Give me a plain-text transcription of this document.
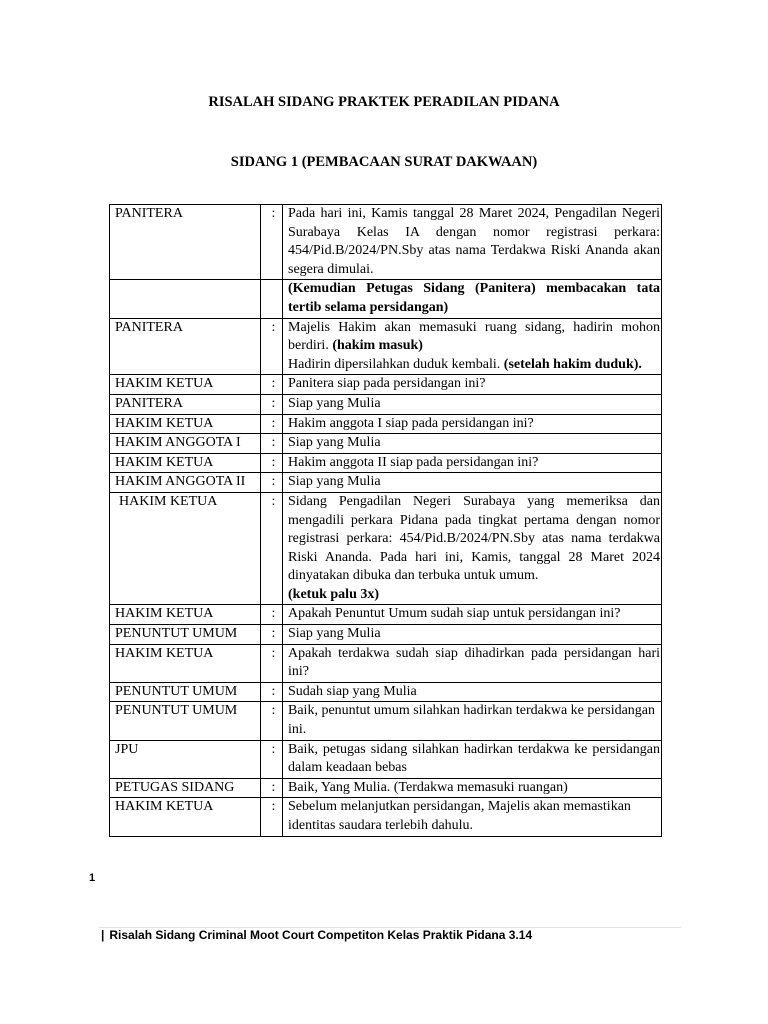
RISALAH SIDANG PRAKTEK PERADILAN PIDANA
SIDANG 1 (PEMBACAAN SURAT DAKWAAN)
PANITERA	:	Pada hari ini, Kamis tanggal 28 Maret 2024, Pengadilan Negeri Surabaya Kelas IA dengan nomor registrasi perkara: 454/Pid.B/2024/PN.Sby atas nama Terdakwa Riski Ananda akan segera dimulai.
		(Kemudian Petugas Sidang (Panitera) membacakan tata tertib selama persidangan)
PANITERA	:	Majelis Hakim akan memasuki ruang sidang, hadirin mohon berdiri. (hakim masuk)
Hadirin dipersilahkan duduk kembali. (setelah hakim duduk).
HAKIM KETUA	:	Panitera siap pada persidangan ini?
PANITERA	:	Siap yang Mulia
HAKIM KETUA	:	Hakim anggota I siap pada persidangan ini?
HAKIM ANGGOTA I	:	Siap yang Mulia
HAKIM KETUA	:	Hakim anggota II siap pada persidangan ini?
HAKIM ANGGOTA II	:	Siap yang Mulia
HAKIM KETUA	:	Sidang Pengadilan Negeri Surabaya yang memeriksa dan mengadili perkara Pidana pada tingkat pertama dengan nomor registrasi perkara: 454/Pid.B/2024/PN.Sby atas nama terdakwa Riski Ananda. Pada hari ini, Kamis, tanggal 28 Maret 2024 dinyatakan dibuka dan terbuka untuk umum.
(ketuk palu 3x)
HAKIM KETUA	:	Apakah Penuntut Umum sudah siap untuk persidangan ini?
PENUNTUT UMUM	:	Siap yang Mulia
HAKIM KETUA	:	Apakah terdakwa sudah siap dihadirkan pada persidangan hari ini?
PENUNTUT UMUM	:	Sudah siap yang Mulia
PENUNTUT UMUM	:	Baik, penuntut umum silahkan hadirkan terdakwa ke persidangan ini.
JPU	:	Baik, petugas sidang silahkan hadirkan terdakwa ke persidangan dalam keadaan bebas
PETUGAS SIDANG	:	Baik, Yang Mulia. (Terdakwa memasuki ruangan)
HAKIM KETUA	:	Sebelum melanjutkan persidangan, Majelis akan memastikan identitas saudara terlebih dahulu.
1
| Risalah Sidang Criminal Moot Court Competiton Kelas Praktik Pidana 3.14
